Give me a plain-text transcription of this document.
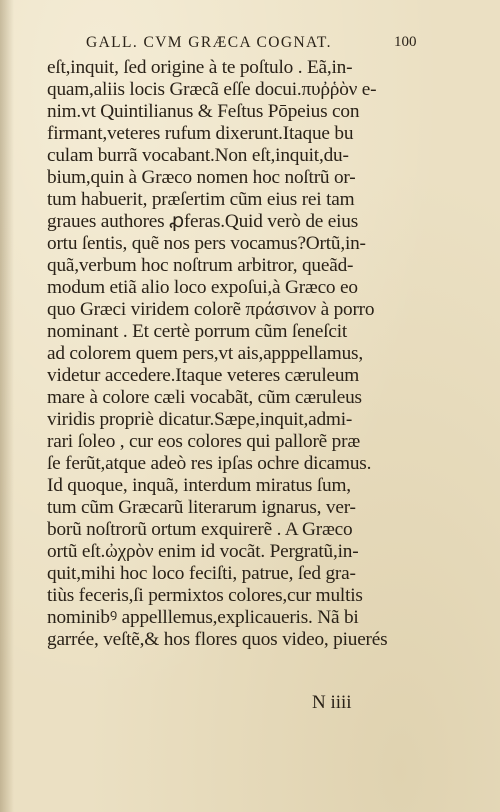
GALL. CVM GRÆCA COGNAT.	100
eſt,inquit, ſed origine à te poſtulo . Eã,in-
quam,aliis locis Græcã eſſe docui.πυῤῥὸν e-
nim.vt Quintilianus & Feſtus Pōpeius con
firmant,veteres rufum dixerunt.Itaque bu
culam burrã vocabant.Non eſt,inquit,du-
bium,quin à Græco nomen hoc noſtrũ or-
tum habuerit, præſertim cũm eius rei tam
graues authores ꝓferas.Quid verò de eius
ortu ſentis, quẽ nos pers vocamus?Ortũ,in-
quã,verbum hoc noſtrum arbitror, queãd-
modum etiã alio loco expoſui,à Græco eo
quo Græci viridem colorẽ πράσινον à porro
nominant . Et certè porrum cũm ſeneſcit
ad colorem quem pers,vt ais,apppellamus,
videtur accedere.Itaque veteres cæruleum
mare à colore cæli vocabãt, cũm cæruleus
viridis propriè dicatur.Sæpe,inquit,admi-
rari ſoleo , cur eos colores qui pallorẽ præ
ſe ferũt,atque adeò res ipſas ochre dicamus.
Id quoque, inquã, interdum miratus ſum,
tum cũm Græcarũ literarum ignarus, ver-
borũ noſtrorũ ortum exquirerẽ . A Græco
ortũ eſt.ὠχρὸν enim id vocãt. Pergratũ,in-
quit,mihi hoc loco feciſti, patrue, ſed gra-
tiùs feceris,ſi permixtos colores,cur multis
nominibꝰ appelllemus,explicaueris. Nã bi
garrée, veſtẽ,& hos flores quos video, piuerés
N iiii
